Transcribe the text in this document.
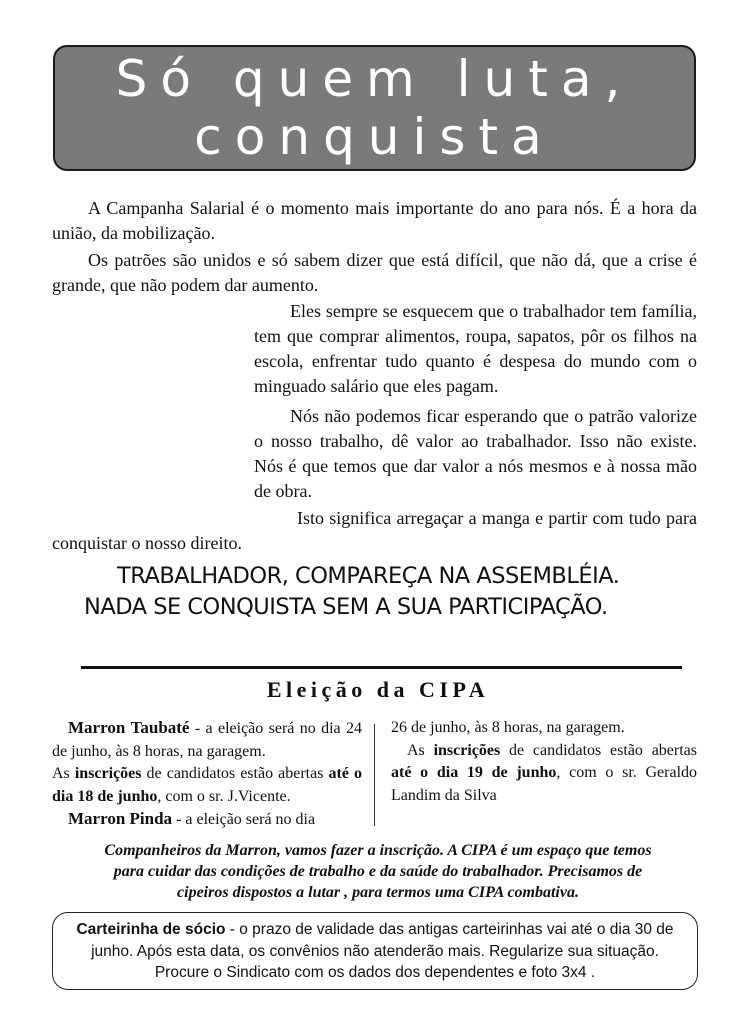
Só quem luta,
conquista
A Campanha Salarial é o momento mais importante do ano para nós. É a hora da união, da mobilização.
Os patrões são unidos e só sabem dizer que está difícil, que não dá, que a crise é grande, que não podem dar aumento.
Eles sempre se esquecem que o trabalhador tem família, tem que comprar alimentos, roupa, sapatos, pôr os filhos na escola, enfrentar tudo quanto é despesa do mundo com o minguado salário que eles pagam.
Nós não podemos ficar esperando que o patrão valorize o nosso trabalho, dê valor ao trabalhador. Isso não existe. Nós é que temos que dar valor a nós mesmos e à nossa mão de obra.
Isto significa arregaçar a manga e partir com tudo para conquistar o nosso direito.
TRABALHADOR, COMPAREÇA NA ASSEMBLÉIA.
NADA SE CONQUISTA SEM A SUA PARTICIPAÇÃO.
Eleição da CIPA
Marron Taubaté - a eleição será no dia 24 de junho, às 8 horas, na garagem.
As inscrições de candidatos estão abertas até o dia 18 de junho, com o sr. J.Vicente.
Marron Pinda - a eleição será no dia
26 de junho, às 8 horas, na garagem.
As inscrições de candidatos estão abertas até o dia 19 de junho, com o sr. Geraldo Landim da Silva
Companheiros da Marron, vamos fazer a inscrição. A CIPA é um espaço que temos
para cuidar das condições de trabalho e da saúde do trabalhador. Precisamos de
cipeiros dispostos a lutar , para termos uma CIPA combativa.
Carteirinha de sócio - o prazo de validade das antigas carteirinhas vai até o dia 30 de junho. Após esta data, os convênios não atenderão mais. Regularize sua situação. Procure o Sindicato com os dados dos dependentes e foto 3x4 .
